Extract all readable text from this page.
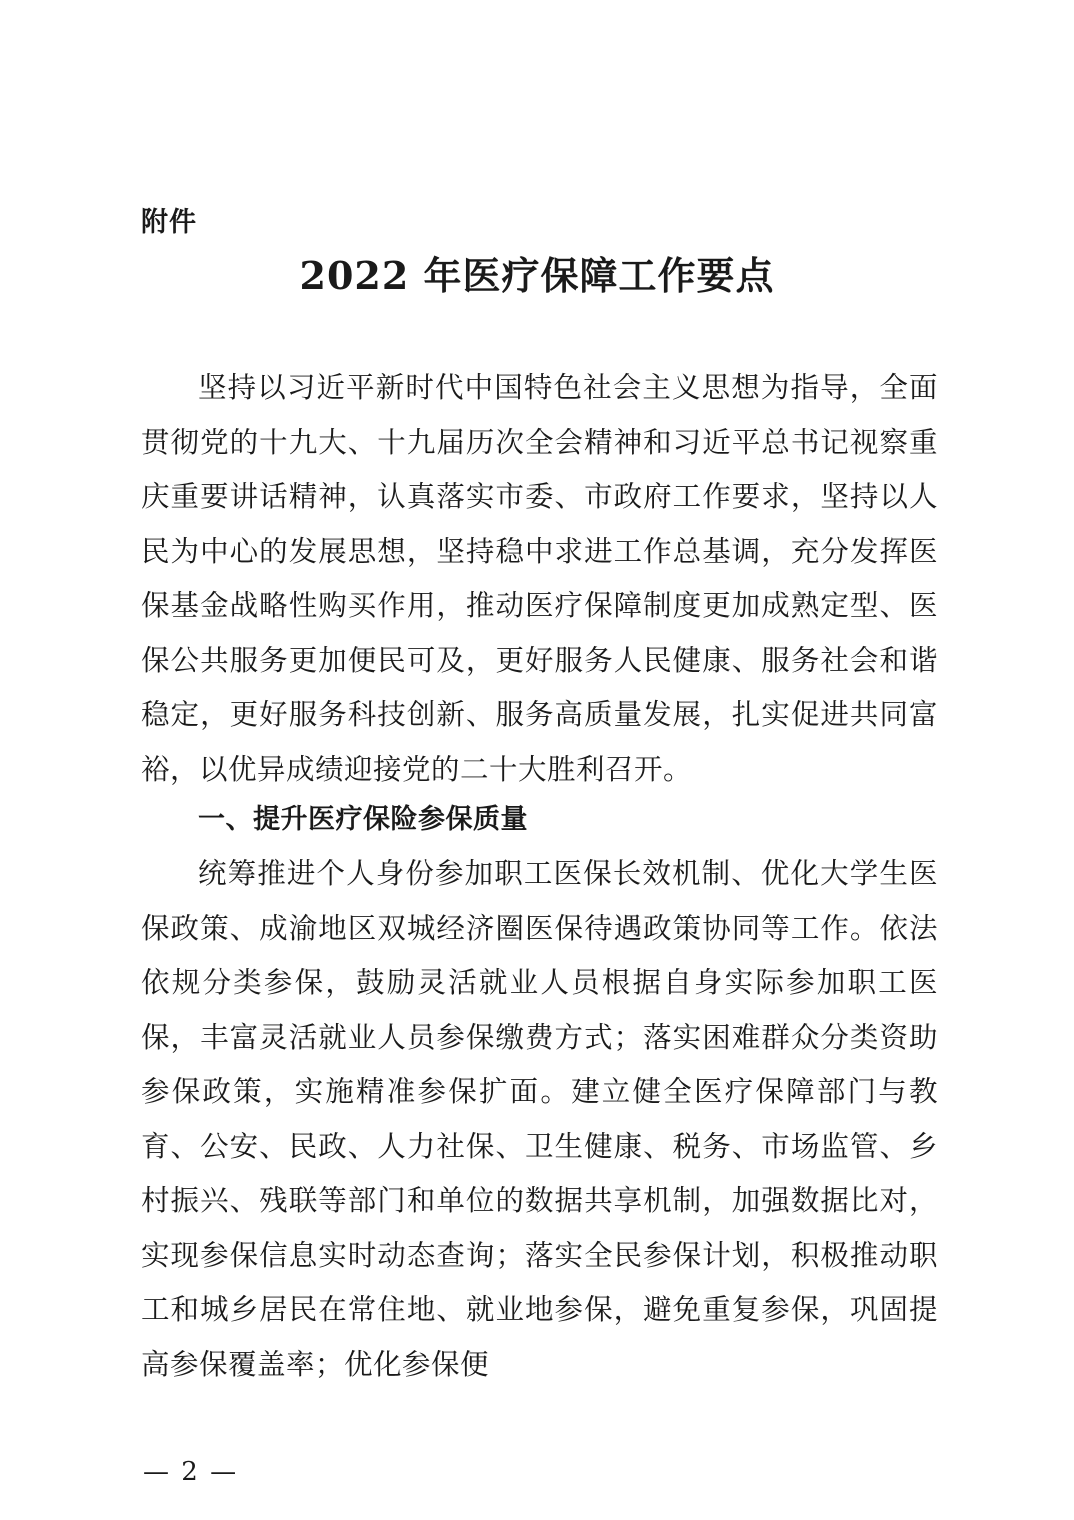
附件
2022 年医疗保障工作要点

坚持以习近平新时代中国特色社会主义思想为指导，全面贯彻党的十九大、十九届历次全会精神和习近平总书记视察重庆重要讲话精神，认真落实市委、市政府工作要求，坚持以人民为中心的发展思想，坚持稳中求进工作总基调，充分发挥医保基金战略性购买作用，推动医疗保障制度更加成熟定型、医保公共服务更加便民可及，更好服务人民健康、服务社会和谐稳定，更好服务科技创新、服务高质量发展，扎实促进共同富裕，以优异成绩迎接党的二十大胜利召开。

一、提升医疗保险参保质量

统筹推进个人身份参加职工医保长效机制、优化大学生医保政策、成渝地区双城经济圈医保待遇政策协同等工作。依法依规分类参保，鼓励灵活就业人员根据自身实际参加职工医保，丰富灵活就业人员参保缴费方式；落实困难群众分类资助参保政策，实施精准参保扩面。建立健全医疗保障部门与教育、公安、民政、人力社保、卫生健康、税务、市场监管、乡村振兴、残联等部门和单位的数据共享机制，加强数据比对，实现参保信息实时动态查询；落实全民参保计划，积极推动职工和城乡居民在常住地、就业地参保，避免重复参保，巩固提高参保覆盖率；优化参保便

— 2 —
